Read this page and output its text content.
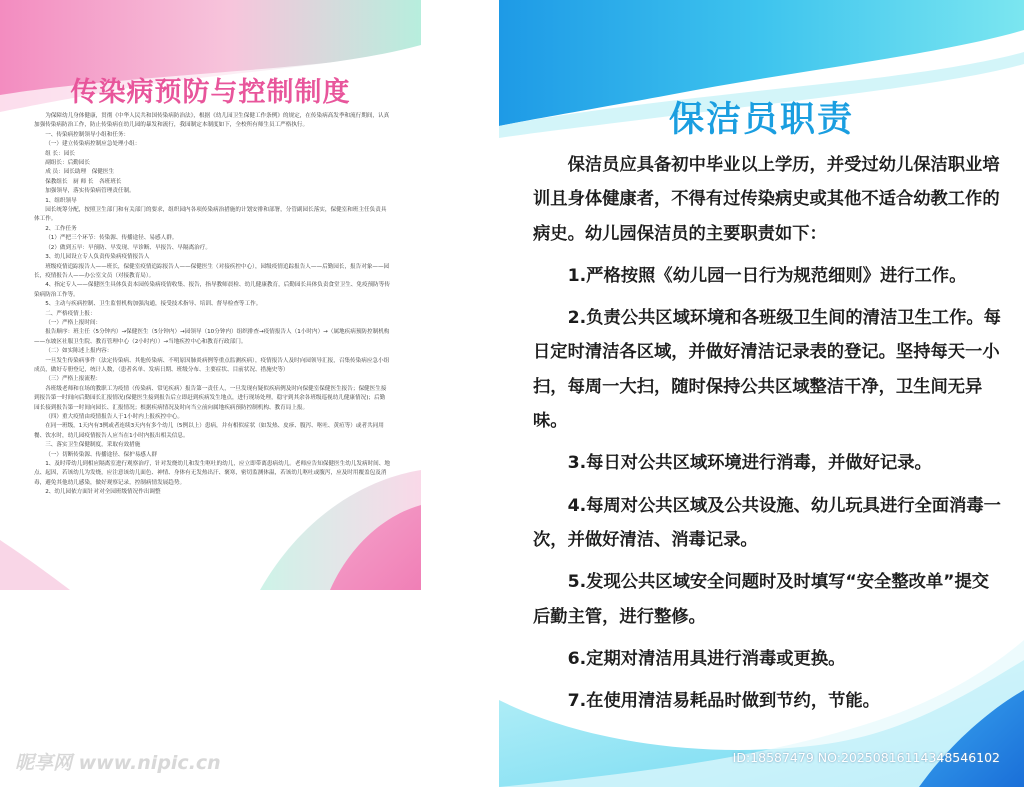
传染病预防与控制制度

为保障幼儿身体健康，贯彻《中华人民共和国传染病防治法》，根据《幼儿园卫生保健工作条例》的规定，在传染病高发季和流行期间，认真加强传染病防治工作，防止传染病在幼儿园的暴发和流行，我园制定本制度如下，全校所有师生员工严格执行。

一、传染病控制领导小组和任务：

（一）建立传染病控制应急处理小组：

组 长：园长

副组长：后勤园长

成 员：园长助理　保健医生

保教组长　厨 师 长　各班班长

加强领导，落实传染病管理责任制。

1、组织领导

园长统筹分配，按照卫生部门和有关部门的要求，组织园内各项传染病治措施的计划安排和部署，分管副园长落实，保健室和班主任负责具体工作。

2、工作任务

（1）严把三个环节：传染源、传播途径、易感人群。

（2）做到五早：早预防、早发现、早诊断、早报告、早隔离治疗。

3、幼儿园设立专人负责传染病疫情报告人

班级疫情追踪报告人——班长，保健室疫情追踪报告人——保健医生（对接疾控中心），园级疫情追踪报告人——后勤园长，报告对象——园长，疫情报告人——办公室文员（对接教育局）。

4、指定专人——保健医生具体负责本园传染病疫情收集、报告，指导教师晨检、幼儿健康教育，后勤园长具体负责食堂卫生、免疫预防等传染病防治工作等。

5、主动与疾病控制、卫生监督机构加强沟通，接受技术指导、培训、督导检查等工作。

二、严格疫情上报：

（一）严格上报时间：

报告顺序：班主任（5分钟内）→保健医生（5分钟内）→园领导（10分钟内）组织排查→疫情报告人（1小时内）→（属地疾病预防控制机构——东坡区社服卫生院、教育管理中心（2小时内））→当地疾控中心和教育行政部门。

（二）如实陈述上报内容：

一旦发生传染病事件（法定传染病、其他传染病、不明原因肺炎病例等重点监测疾病），疫情报告人及时向园领导汇报，召集传染病应急小组成员，做好专册登记，统计人数，（患者名单、发病日期、班级分布、主要症状、目前状况、措施史等）

（三）严格上报流程：

各班级老师和在场的教职工为疫情（传染病、常见疾病）报告第一责任人，一旦发现有疑似疾病例及时向保健室保健医生报告；保健医生接到报告第一时间向后勤园长汇报情况(保健医生接到报告后立即赶到疾病发生地点，进行现场处理，稳守到其余各班级巡视幼儿健康情况)；后勤园长接到报告第一时间向园长、汇报情况；根据疾病情况及时向当立前向属地疾病预防控制机构、教育局上报。

（四）重大疫情由疫情报告人于1小时内上报疾控中心。

在同一班级，1天内有3例或者连续3天内有多个幼儿（5例以上）患病，并有相似症状（如发热、皮疹、腹泻、呕吐、黄疸等）或者共同用餐、饮水时，幼儿园疫情报告人应当在1小时内报出相关信息。

三、落实卫生保健制度，采取有效措施

（一）切断传染源、传播途径、保护易感人群

1、及时带幼儿到相应隔离室进行观察治疗，针对发烧幼儿和发生呕吐的幼儿，应立即带离患病幼儿。老师应告知保健医生幼儿发病时间、地点、起因，若该幼儿为发烧，应注意该幼儿面色、神情、身体有无发热出汗、褒寒，密切监测体温，若该幼儿呕吐或腹泻，应及时用覆盖包及消毒，避免其他幼儿感染，做好观察记录，控制病情发展趋势。

2、幼儿园依方面针对对全园班级情况作出调整

保洁员职责

保洁员应具备初中毕业以上学历，并受过幼儿保洁职业培训且身体健康者，不得有过传染病史或其他不适合幼教工作的病史。幼儿园保洁员的主要职责如下：

1.严格按照《幼儿园一日行为规范细则》进行工作。

2.负责公共区域环境和各班级卫生间的清洁卫生工作。每日定时清洁各区域，并做好清洁记录表的登记。坚持每天一小扫，每周一大扫，随时保持公共区域整洁干净，卫生间无异味。

3.每日对公共区域环境进行消毒，并做好记录。

4.每周对公共区域及公共设施、幼儿玩具进行全面消毒一次，并做好清洁、消毒记录。

5.发现公共区域安全问题时及时填写“安全整改单”提交后勤主管，进行整修。

6.定期对清洁用具进行消毒或更换。

7.在使用清洁易耗品时做到节约，节能。

昵享网 www.nipic.cn	ID:18587479 NO:20250816114348546102
